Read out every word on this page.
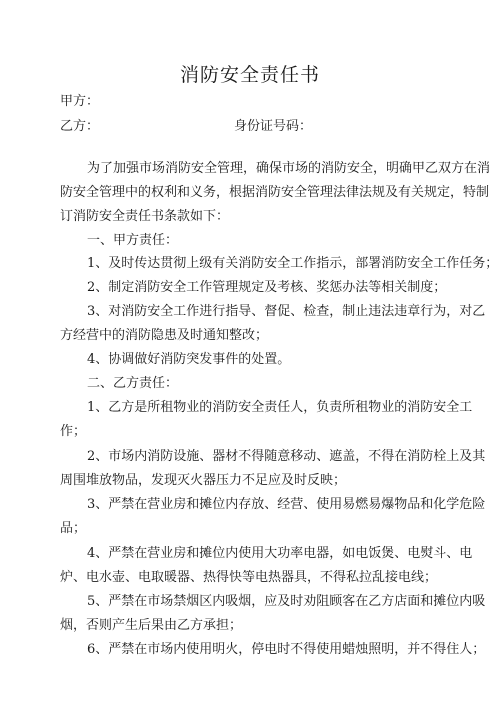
消防安全责任书
甲方：
乙方：	身份证号码：
为了加强市场消防安全管理，确保市场的消防安全，明确甲乙双方在消
防安全管理中的权利和义务，根据消防安全管理法律法规及有关规定，特制
订消防安全责任书条款如下：
一、甲方责任：
1、及时传达贯彻上级有关消防安全工作指示，部署消防安全工作任务；
2、制定消防安全工作管理规定及考核、奖惩办法等相关制度；
3、对消防安全工作进行指导、督促、检查，制止违法违章行为，对乙
方经营中的消防隐患及时通知整改；
4、协调做好消防突发事件的处置。
二、乙方责任：
1、乙方是所租物业的消防安全责任人，负责所租物业的消防安全工
作；
2、市场内消防设施、器材不得随意移动、遮盖，不得在消防栓上及其
周围堆放物品，发现灭火器压力不足应及时反映；
3、严禁在营业房和摊位内存放、经营、使用易燃易爆物品和化学危险
品；
4、严禁在营业房和摊位内使用大功率电器，如电饭煲、电熨斗、电
炉、电水壶、电取暖器、热得快等电热器具，不得私拉乱接电线；
5、严禁在市场禁烟区内吸烟，应及时劝阻顾客在乙方店面和摊位内吸
烟，否则产生后果由乙方承担；
6、严禁在市场内使用明火，停电时不得使用蜡烛照明，并不得住人；
